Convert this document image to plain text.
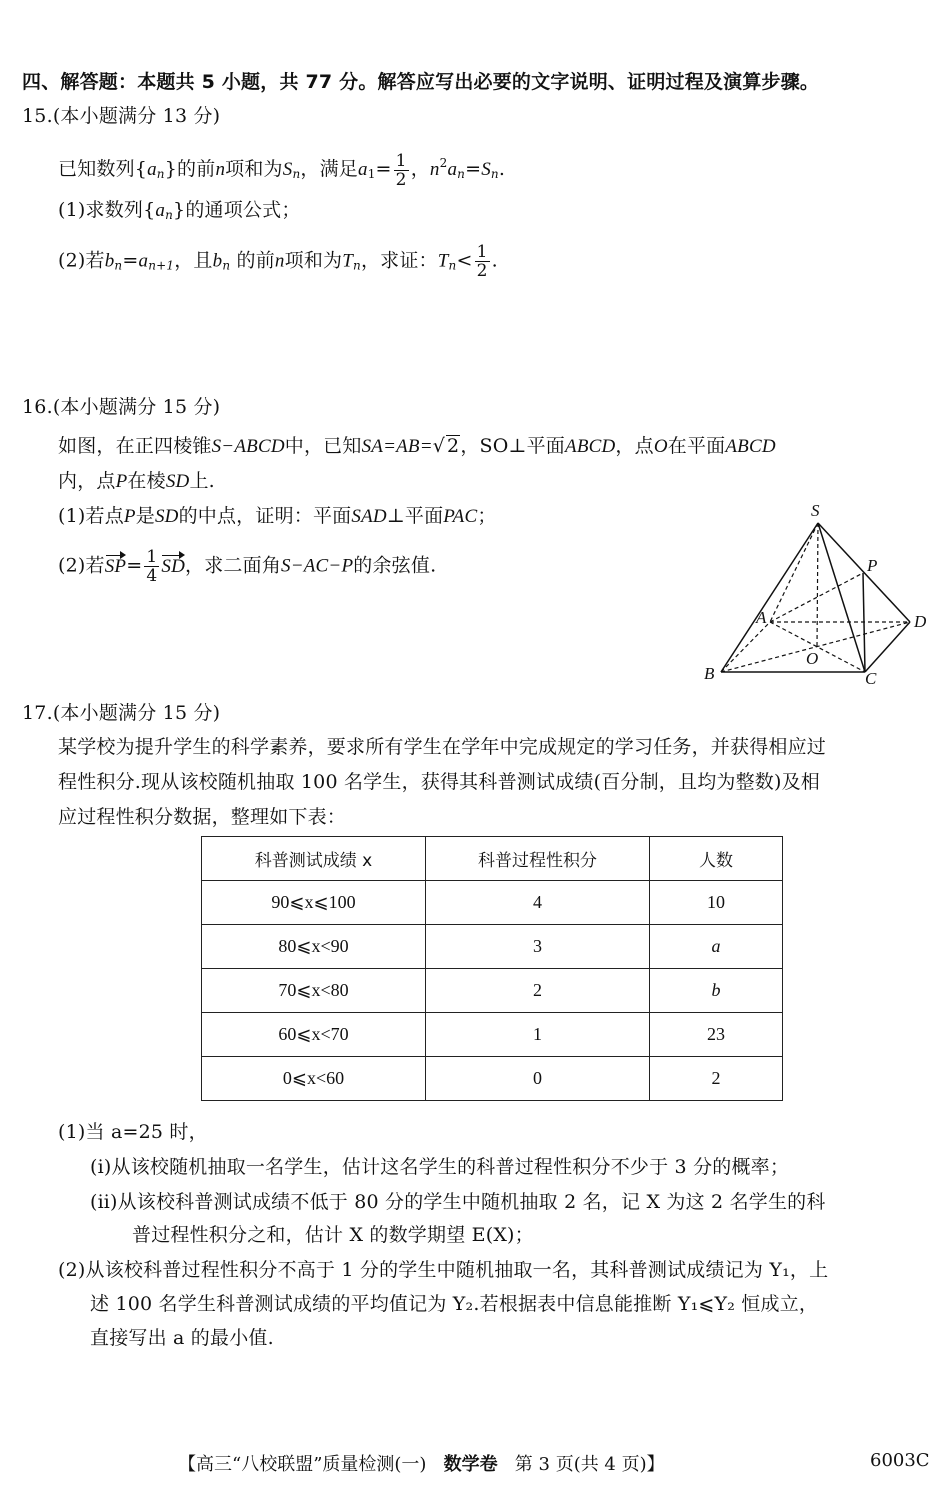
四、解答题：本题共 5 小题，共 77 分。解答应写出必要的文字说明、证明过程及演算步骤。
15.(本小题满分 13 分)
已知数列$\{a_n\}$的前n项和为$S_n$，满足$a1= \frac{1}{2}$ ，$n^2a_n=S_n$.
(1)求数列$\{a_n\}$的通项公式；
(2)若$b_n=a_{n+1}$，且$b_n$ 的前n项和为$T_n$，求证：$T_n< \frac{1}{2}$ .
16.(本小题满分 15 分)
如图，在正四棱锥S−ABCD中，已知SA=AB=√ 2，SO⊥平面ABCD，点O在平面ABCD
内，点P在棱SD上.
(1)若点P是SD的中点，证明：平面SAD⊥平面PAC；
(2)若$SP= \frac{1}{4}$ SD，求二面角S−AC−P的余弦值.
S
P
A	D
O
B	C
17.(本小题满分 15 分)
某学校为提升学生的科学素养，要求所有学生在学年中完成规定的学习任务，并获得相应过
程性积分.现从该校随机抽取 100 名学生，获得其科普测试成绩(百分制，且均为整数)及相
应过程性积分数据，整理如下表：
科普测试成绩 x	科普过程性积分	人数
90⩽x⩽100	4	10
80⩽x<90	3	a
70⩽x<80	2	b
60⩽x<70	1	23
0⩽x<60	0	2
(1)当 a=25 时，
(ⅰ)从该校随机抽取一名学生，估计这名学生的科普过程性积分不少于 3 分的概率；
(ⅱ)从该校科普测试成绩不低于 80 分的学生中随机抽取 2 名，记 X 为这 2 名学生的科
普过程性积分之和，估计 X 的数学期望 E(X)；
(2)从该校科普过程性积分不高于 1 分的学生中随机抽取一名，其科普测试成绩记为 Y₁，上
述 100 名学生科普测试成绩的平均值记为 Y₂.若根据表中信息能推断 Y₁⩽Y₂ 恒成立，
直接写出 a 的最小值.
【高三“八校联盟”质量检测(一) 数学卷 第 3 页(共 4 页)】	6003C
